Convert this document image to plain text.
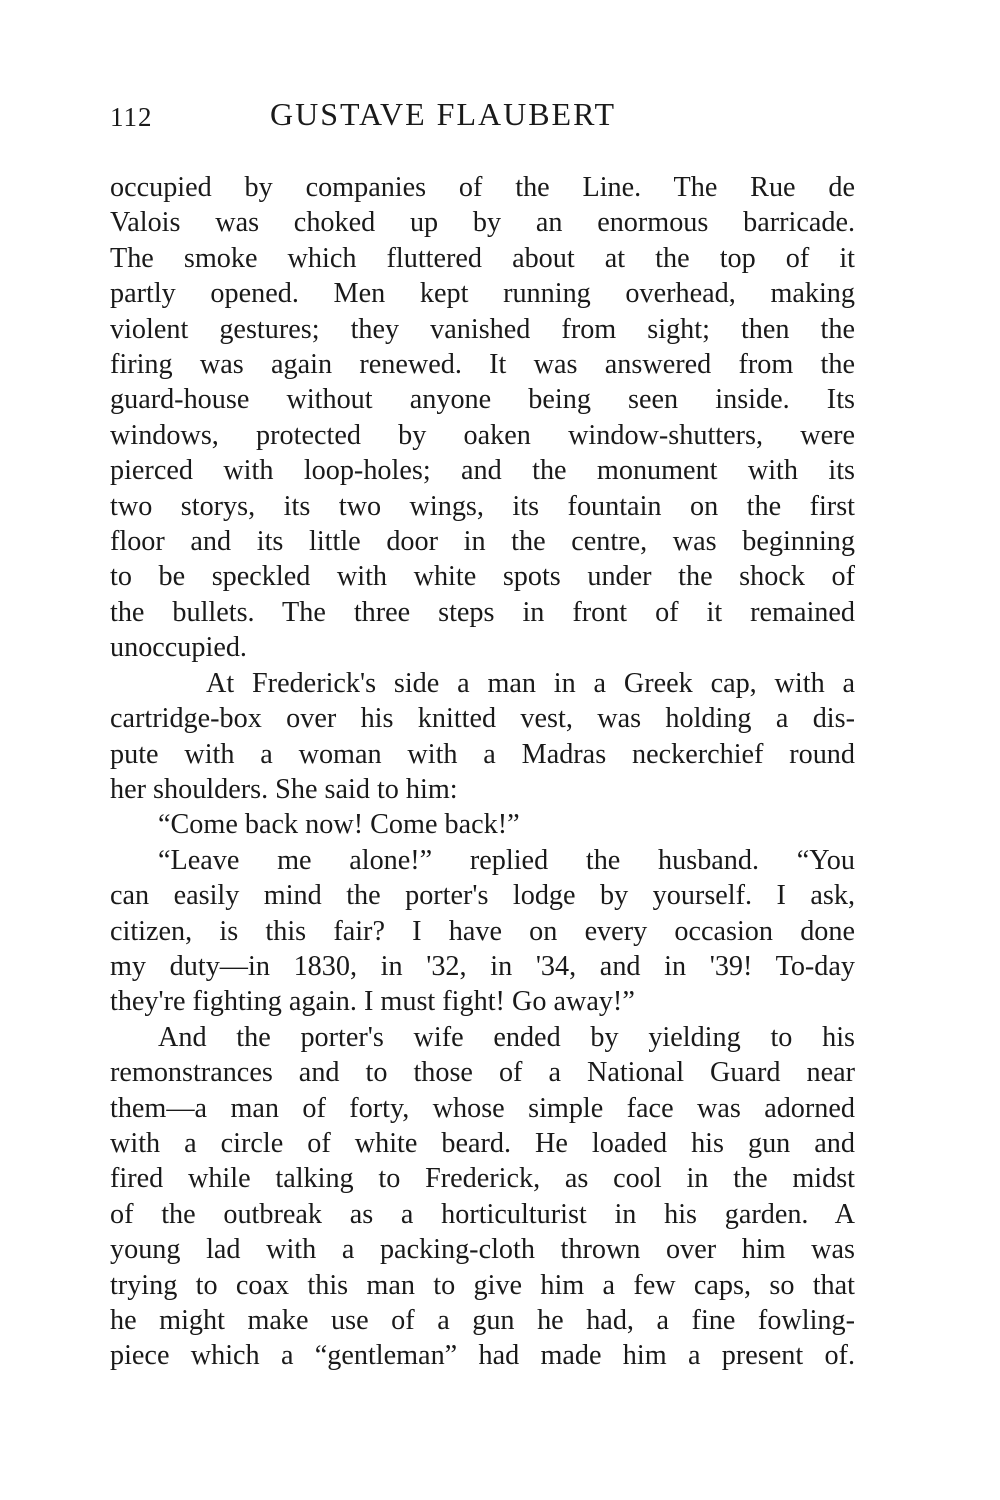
112	GUSTAVE FLAUBERT

occupied by companies of the Line. The Rue de
Valois was choked up by an enormous barricade.
The smoke which fluttered about at the top of it
partly opened. Men kept running overhead, making
violent gestures; they vanished from sight; then the
firing was again renewed. It was answered from the
guard-house without anyone being seen inside. Its
windows, protected by oaken window-shutters, were
pierced with loop-holes; and the monument with its
two storys, its two wings, its fountain on the first
floor and its little door in the centre, was beginning
to be speckled with white spots under the shock of
the bullets. The three steps in front of it remained
unoccupied.

At Frederick's side a man in a Greek cap, with a
cartridge-box over his knitted vest, was holding a dis-
pute with a woman with a Madras neckerchief round
her shoulders. She said to him:

“Come back now! Come back!”

“Leave me alone!” replied the husband. “You
can easily mind the porter's lodge by yourself. I ask,
citizen, is this fair? I have on every occasion done
my duty—in 1830, in '32, in '34, and in '39! To-day
they're fighting again. I must fight! Go away!”

And the porter's wife ended by yielding to his
remonstrances and to those of a National Guard near
them—a man of forty, whose simple face was adorned
with a circle of white beard. He loaded his gun and
fired while talking to Frederick, as cool in the midst
of the outbreak as a horticulturist in his garden. A
young lad with a packing-cloth thrown over him was
trying to coax this man to give him a few caps, so that
he might make use of a gun he had, a fine fowling-
piece which a “gentleman” had made him a present of.
